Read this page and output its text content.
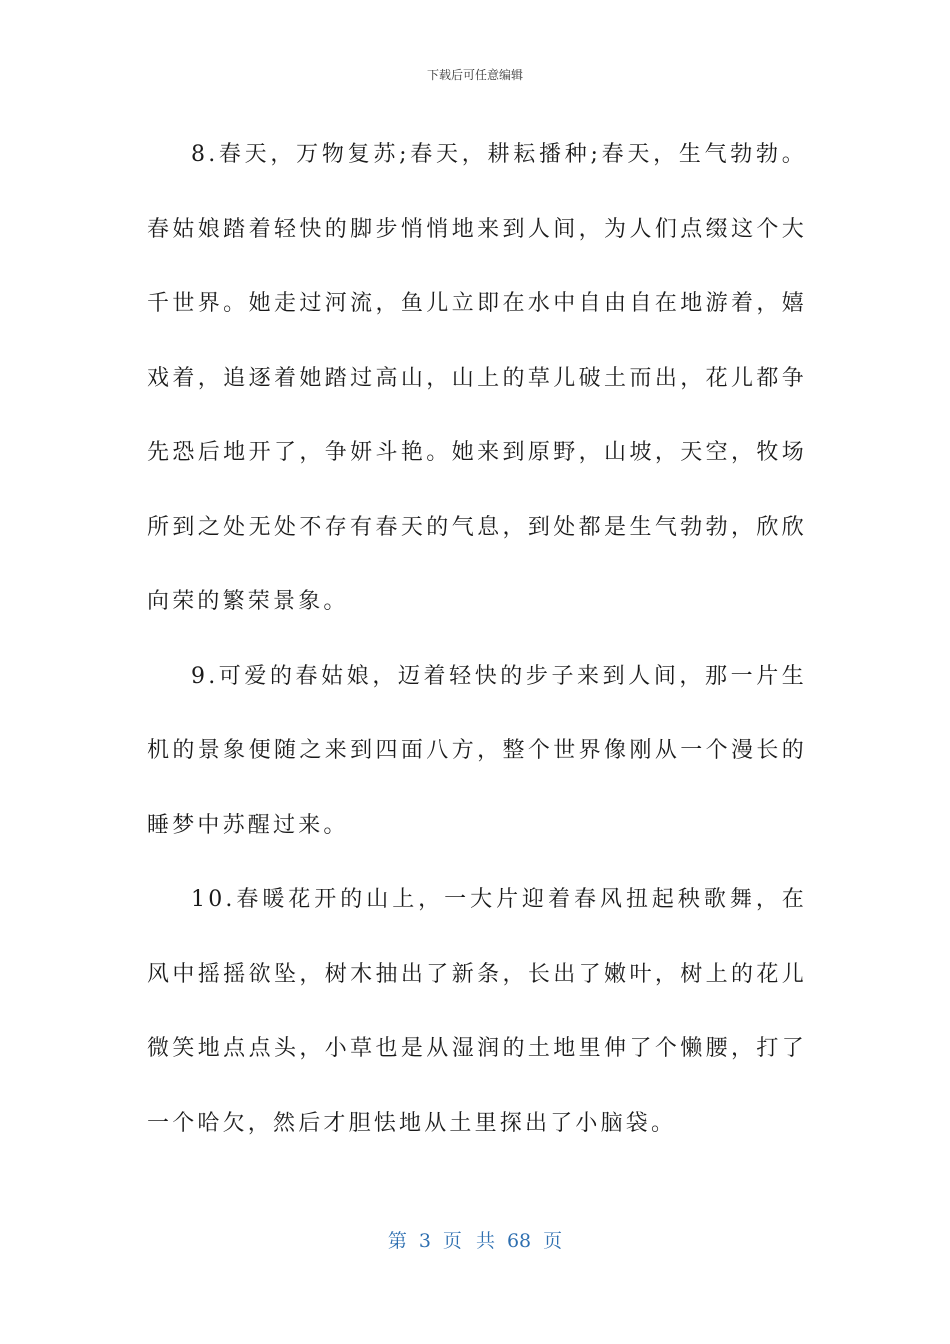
下载后可任意编辑

8.春天，万物复苏;春天，耕耘播种;春天，生气勃勃。春姑娘踏着轻快的脚步悄悄地来到人间，为人们点缀这个大千世界。她走过河流，鱼儿立即在水中自由自在地游着，嬉戏着，追逐着她踏过高山，山上的草儿破土而出，花儿都争先恐后地开了，争妍斗艳。她来到原野，山坡，天空，牧场所到之处无处不存有春天的气息，到处都是生气勃勃，欣欣向荣的繁荣景象。

9.可爱的春姑娘，迈着轻快的步子来到人间，那一片生机的景象便随之来到四面八方，整个世界像刚从一个漫长的睡梦中苏醒过来。

10.春暖花开的山上，一大片迎着春风扭起秧歌舞，在风中摇摇欲坠，树木抽出了新条，长出了嫩叶，树上的花儿微笑地点点头，小草也是从湿润的土地里伸了个懒腰，打了一个哈欠，然后才胆怯地从土里探出了小脑袋。

第 3 页 共 68 页
